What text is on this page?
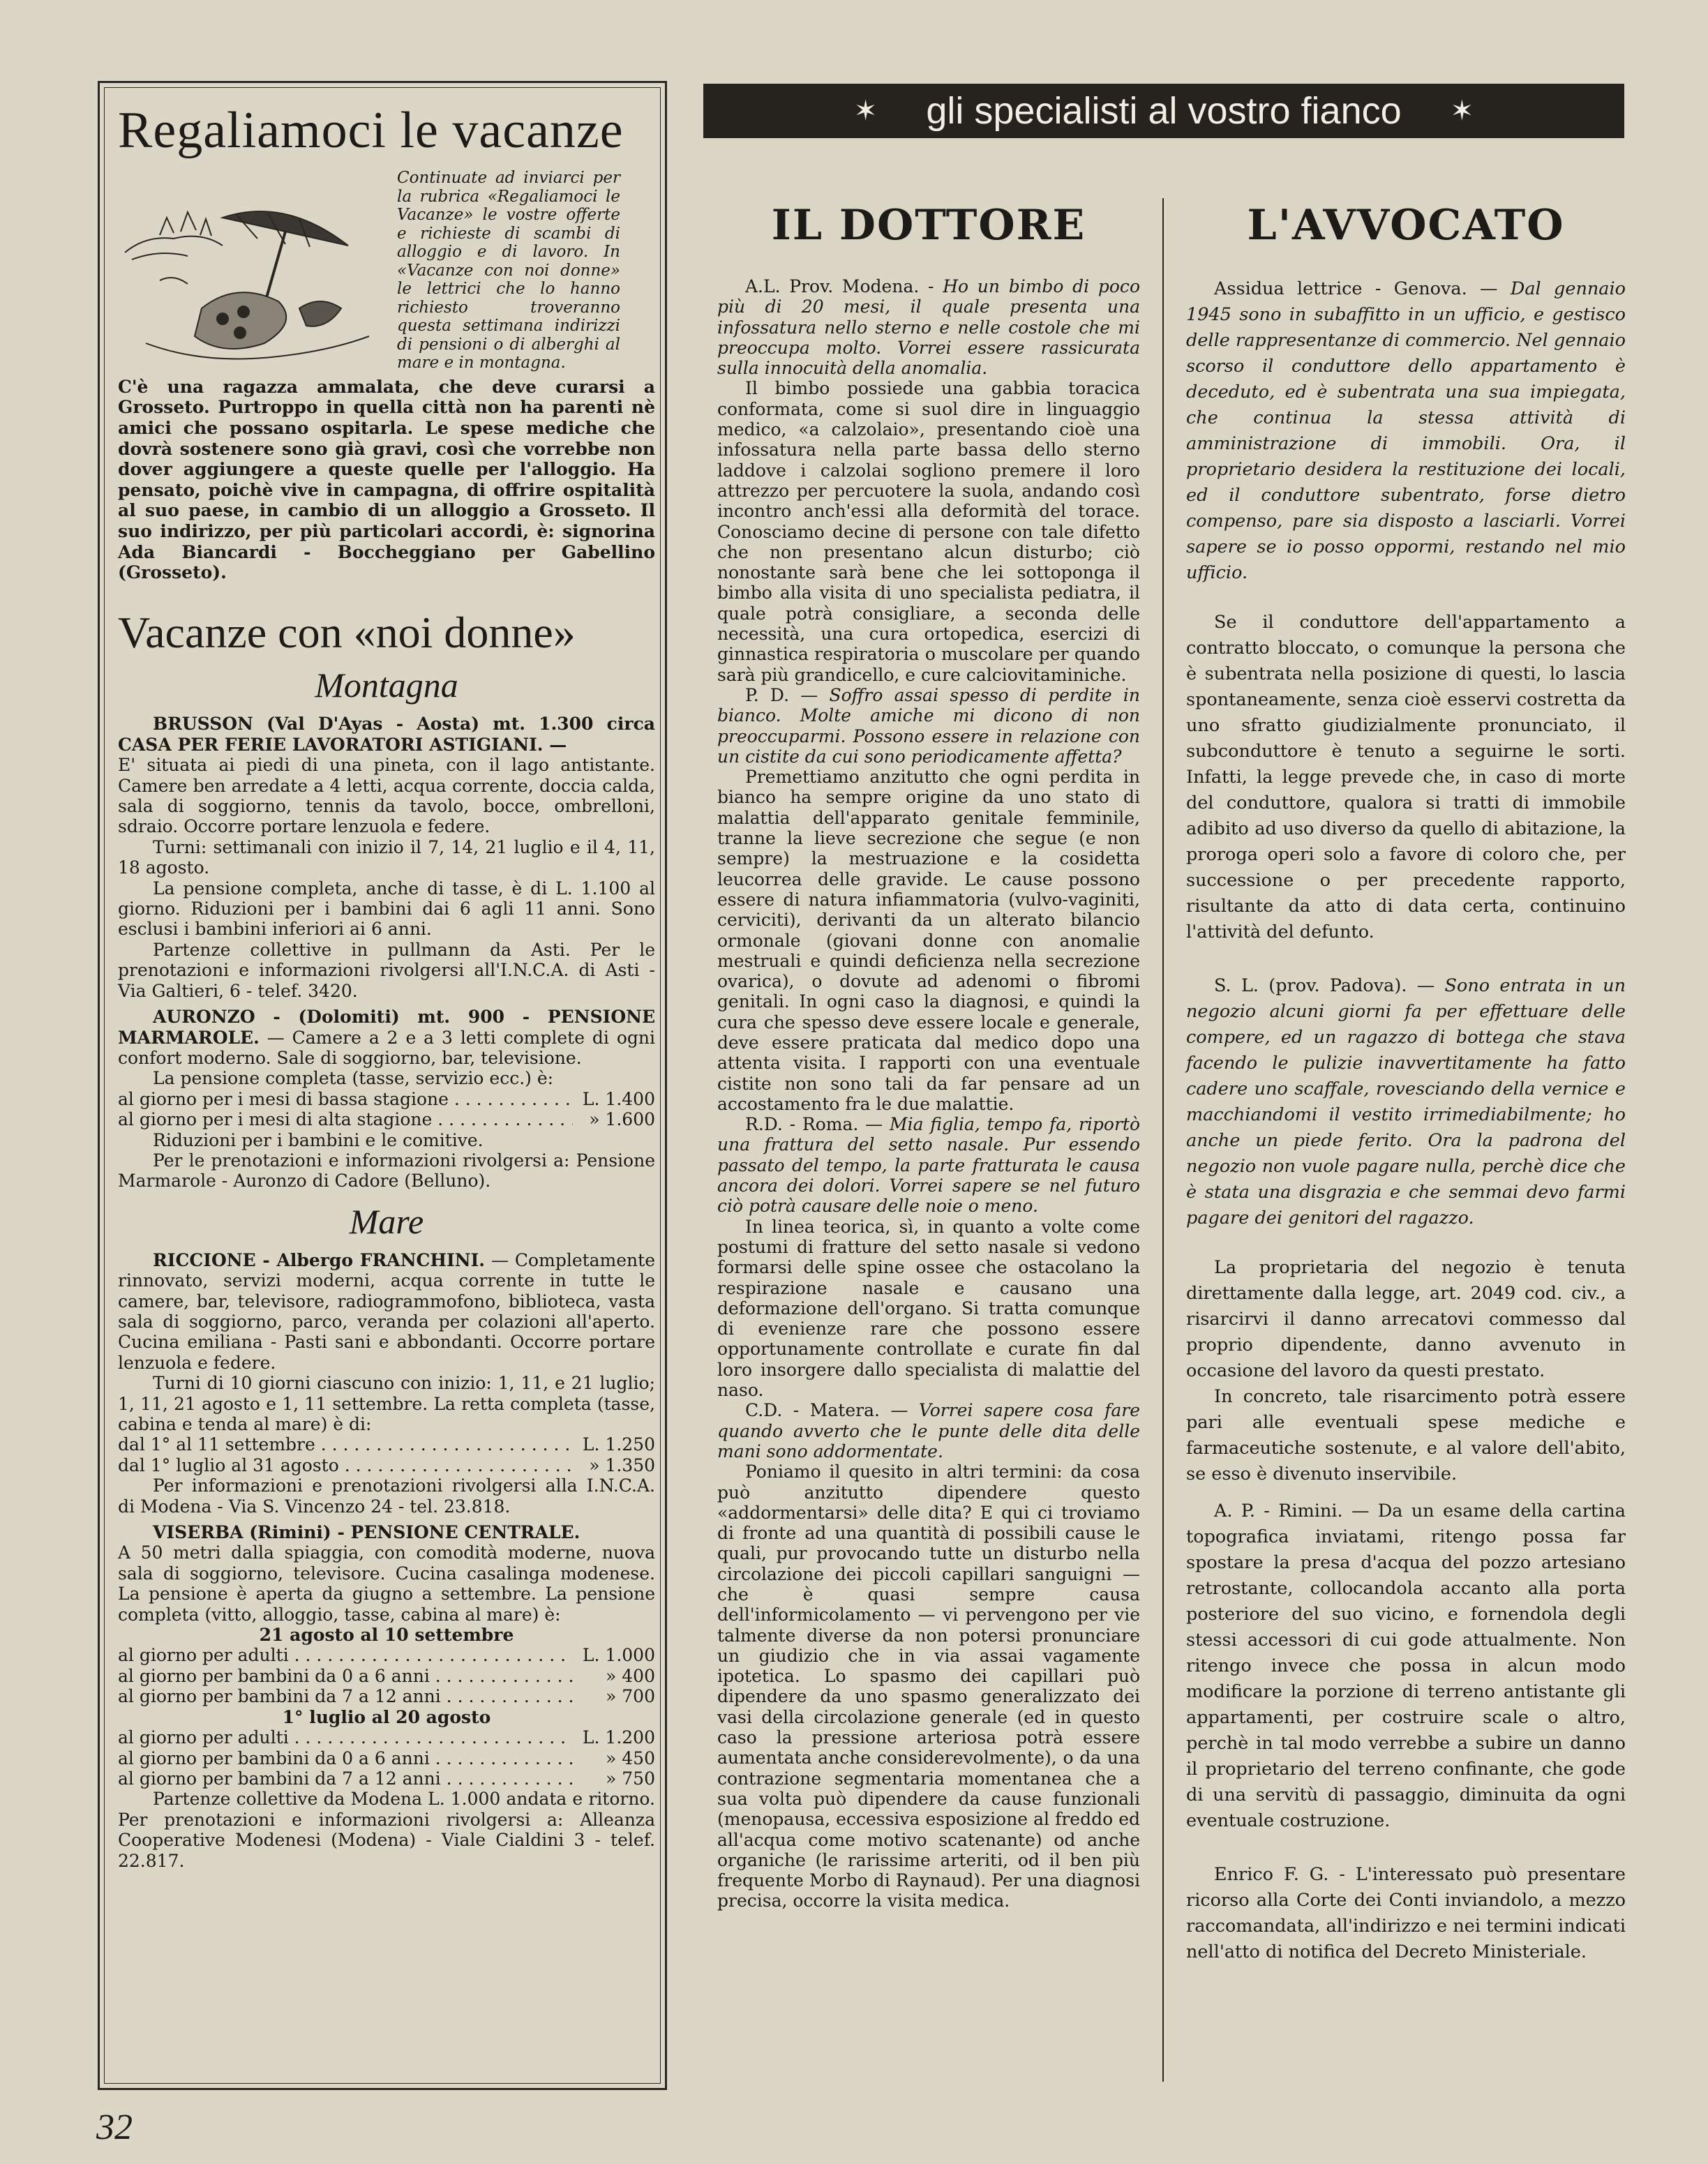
Regaliamoci le vacanze
Continuate ad inviarci per la rubrica «Regaliamoci le Vacanze» le vostre offerte e richieste di scambi di alloggio e di lavoro. In «Vacanze con noi donne» le lettrici che lo hanno richiesto troveranno questa settimana indirizzi di pensioni o di alberghi al mare e in montagna.

C'è una ragazza ammalata, che deve curarsi a Grosseto. Purtroppo in quella città non ha parenti nè amici che possano ospitarla. Le spese mediche che dovrà sostenere sono già gravi, così che vorrebbe non dover aggiungere a queste quelle per l'alloggio. Ha pensato, poichè vive in campagna, di offrire ospitalità al suo paese, in cambio di un alloggio a Grosseto. Il suo indirizzo, per più particolari accordi, è: signorina Ada Biancardi - Boccheggiano per Gabellino (Grosseto).

Vacanze con «noi donne»
Montagna

BRUSSON (Val D'Ayas - Aosta) mt. 1.300 circa CASA PER FERIE LAVORATORI ASTIGIANI. —

E' situata ai piedi di una pineta, con il lago antistante. Camere ben arredate a 4 letti, acqua corrente, doccia calda, sala di soggiorno, tennis da tavolo, bocce, ombrelloni, sdraio. Occorre portare lenzuola e federe.

Turni: settimanali con inizio il 7, 14, 21 luglio e il 4, 11, 18 agosto.

La pensione completa, anche di tasse, è di L. 1.100 al giorno. Riduzioni per i bambini dai 6 agli 11 anni. Sono esclusi i bambini inferiori ai 6 anni.

Partenze collettive in pullmann da Asti. Per le prenotazioni e informazioni rivolgersi all'I.N.C.A. di Asti - Via Galtieri, 6 - telef. 3420.

AURONZO - (Dolomiti) mt. 900 - PENSIONE MARMAROLE. — Camere a 2 e a 3 letti complete di ogni confort moderno. Sale di soggiorno, bar, televisione.

La pensione completa (tasse, servizio ecc.) è:

al giorno per i mesi di bassa stagione . . .	L. 1.400
al giorno per i mesi di alta stagione . . .	» 1.600

Riduzioni per i bambini e le comitive.

Per le prenotazioni e informazioni rivolgersi a: Pensione Marmarole - Auronzo di Cadore (Belluno).

Mare

RICCIONE - Albergo FRANCHINI. — Completamente rinnovato, servizi moderni, acqua corrente in tutte le camere, bar, televisore, radiogrammofono, biblioteca, vasta sala di soggiorno, parco, veranda per colazioni all'aperto. Cucina emiliana - Pasti sani e abbondanti. Occorre portare lenzuola e federe.

Turni di 10 giorni ciascuno con inizio: 1, 11, e 21 luglio; 1, 11, 21 agosto e 1, 11 settembre. La retta completa (tasse, cabina e tenda al mare) è di:

dal 1° al 11 settembre . . .	L. 1.250
dal 1° luglio al 31 agosto . . .	» 1.350

Per informazioni e prenotazioni rivolgersi alla I.N.C.A. di Modena - Via S. Vincenzo 24 - tel. 23.818.

VISERBA (Rimini) - PENSIONE CENTRALE.

A 50 metri dalla spiaggia, con comodità moderne, nuova sala di soggiorno, televisore. Cucina casalinga modenese. La pensione è aperta da giugno a settembre. La pensione completa (vitto, alloggio, tasse, cabina al mare) è:

21 agosto al 10 settembre
al giorno per adulti . . .	L. 1.000
al giorno per bambini da 0 a 6 anni . . .	» 400
al giorno per bambini da 7 a 12 anni . . .	» 700
1° luglio al 20 agosto
al giorno per adulti . . .	L. 1.200
al giorno per bambini da 0 a 6 anni . . .	» 450
al giorno per bambini da 7 a 12 anni . . .	» 750

Partenze collettive da Modena L. 1.000 andata e ritorno. Per prenotazioni e informazioni rivolgersi a: Alleanza Cooperative Modenesi (Modena) - Viale Cialdini 3 - telef. 22.817.

✶ gli specialisti al vostro fianco ✶
IL DOTTORE

A.L. Prov. Modena. - Ho un bimbo di poco più di 20 mesi, il quale presenta una infossatura nello sterno e nelle costole che mi preoccupa molto. Vorrei essere rassicurata sulla innocuità della anomalia.

Il bimbo possiede una gabbia toracica conformata, come si suol dire in linguaggio medico, «a calzolaio», presentando cioè una infossatura nella parte bassa dello sterno laddove i calzolai sogliono premere il loro attrezzo per percuotere la suola, andando così incontro anch'essi alla deformità del torace. Conosciamo decine di persone con tale difetto che non presentano alcun disturbo; ciò nonostante sarà bene che lei sottoponga il bimbo alla visita di uno specialista pediatra, il quale potrà consigliare, a seconda delle necessità, una cura ortopedica, esercizi di ginnastica respiratoria o muscolare per quando sarà più grandicello, e cure calciovitaminiche.

P. D. — Soffro assai spesso di perdite in bianco. Molte amiche mi dicono di non preoccuparmi. Possono essere in relazione con un cistite da cui sono periodicamente affetta?

Premettiamo anzitutto che ogni perdita in bianco ha sempre origine da uno stato di malattia dell'apparato genitale femminile, tranne la lieve secrezione che segue (e non sempre) la mestruazione e la cosidetta leucorrea delle gravide. Le cause possono essere di natura infiammatoria (vulvo-vaginiti, cerviciti), derivanti da un alterato bilancio ormonale (giovani donne con anomalie mestruali e quindi deficienza nella secrezione ovarica), o dovute ad adenomi o fibromi genitali. In ogni caso la diagnosi, e quindi la cura che spesso deve essere locale e generale, deve essere praticata dal medico dopo una attenta visita. I rapporti con una eventuale cistite non sono tali da far pensare ad un accostamento fra le due malattie.

R.D. - Roma. — Mia figlia, tempo fa, riportò una frattura del setto nasale. Pur essendo passato del tempo, la parte fratturata le causa ancora dei dolori. Vorrei sapere se nel futuro ciò potrà causare delle noie o meno.

In linea teorica, sì, in quanto a volte come postumi di fratture del setto nasale si vedono formarsi delle spine ossee che ostacolano la respirazione nasale e causano una deformazione dell'organo. Si tratta comunque di evenienze rare che possono essere opportunamente controllate e curate fin dal loro insorgere dallo specialista di malattie del naso.

C.D. - Matera. — Vorrei sapere cosa fare quando avverto che le punte delle dita delle mani sono addormentate.

Poniamo il quesito in altri termini: da cosa può anzitutto dipendere questo «addormentarsi» delle dita? E qui ci troviamo di fronte ad una quantità di possibili cause le quali, pur provocando tutte un disturbo nella circolazione dei piccoli capillari sanguigni — che è quasi sempre causa dell'informicolamento — vi pervengono per vie talmente diverse da non potersi pronunciare un giudizio che in via assai vagamente ipotetica. Lo spasmo dei capillari può dipendere da uno spasmo generalizzato dei vasi della circolazione generale (ed in questo caso la pressione arteriosa potrà essere aumentata anche considerevolmente), o da una contrazione segmentaria momentanea che a sua volta può dipendere da cause funzionali (menopausa, eccessiva esposizione al freddo ed all'acqua come motivo scatenante) od anche organiche (le rarissime arteriti, od il ben più frequente Morbo di Raynaud). Per una diagnosi precisa, occorre la visita medica.

L'AVVOCATO

Assidua lettrice - Genova. — Dal gennaio 1945 sono in subaffitto in un ufficio, e gestisco delle rappresentanze di commercio. Nel gennaio scorso il conduttore dello appartamento è deceduto, ed è subentrata una sua impiegata, che continua la stessa attività di amministrazione di immobili. Ora, il proprietario desidera la restituzione dei locali, ed il conduttore subentrato, forse dietro compenso, pare sia disposto a lasciarli. Vorrei sapere se io posso oppormi, restando nel mio ufficio.

Se il conduttore dell'appartamento a contratto bloccato, o comunque la persona che è subentrata nella posizione di questi, lo lascia spontaneamente, senza cioè esservi costretta da uno sfratto giudizialmente pronunciato, il subconduttore è tenuto a seguirne le sorti. Infatti, la legge prevede che, in caso di morte del conduttore, qualora si tratti di immobile adibito ad uso diverso da quello di abitazione, la proroga operi solo a favore di coloro che, per successione o per precedente rapporto, risultante da atto di data certa, continuino l'attività del defunto.

S. L. (prov. Padova). — Sono entrata in un negozio alcuni giorni fa per effettuare delle compere, ed un ragazzo di bottega che stava facendo le pulizie inavvertitamente ha fatto cadere uno scaffale, rovesciando della vernice e macchiandomi il vestito irrimediabilmente; ho anche un piede ferito. Ora la padrona del negozio non vuole pagare nulla, perchè dice che è stata una disgrazia e che semmai devo farmi pagare dei genitori del ragazzo.

La proprietaria del negozio è tenuta direttamente dalla legge, art. 2049 cod. civ., a risarcirvi il danno arrecatovi commesso dal proprio dipendente, danno avvenuto in occasione del lavoro da questi prestato.

In concreto, tale risarcimento potrà essere pari alle eventuali spese mediche e farmaceutiche sostenute, e al valore dell'abito, se esso è divenuto inservibile.

A. P. - Rimini. — Da un esame della cartina topografica inviatami, ritengo possa far spostare la presa d'acqua del pozzo artesiano retrostante, collocandola accanto alla porta posteriore del suo vicino, e fornendola degli stessi accessori di cui gode attualmente. Non ritengo invece che possa in alcun modo modificare la porzione di terreno antistante gli appartamenti, per costruire scale o altro, perchè in tal modo verrebbe a subire un danno il proprietario del terreno confinante, che gode di una servitù di passaggio, diminuita da ogni eventuale costruzione.

Enrico F. G. - L'interessato può presentare ricorso alla Corte dei Conti inviandolo, a mezzo raccomandata, all'indirizzo e nei termini indicati nell'atto di notifica del Decreto Ministeriale.

32
